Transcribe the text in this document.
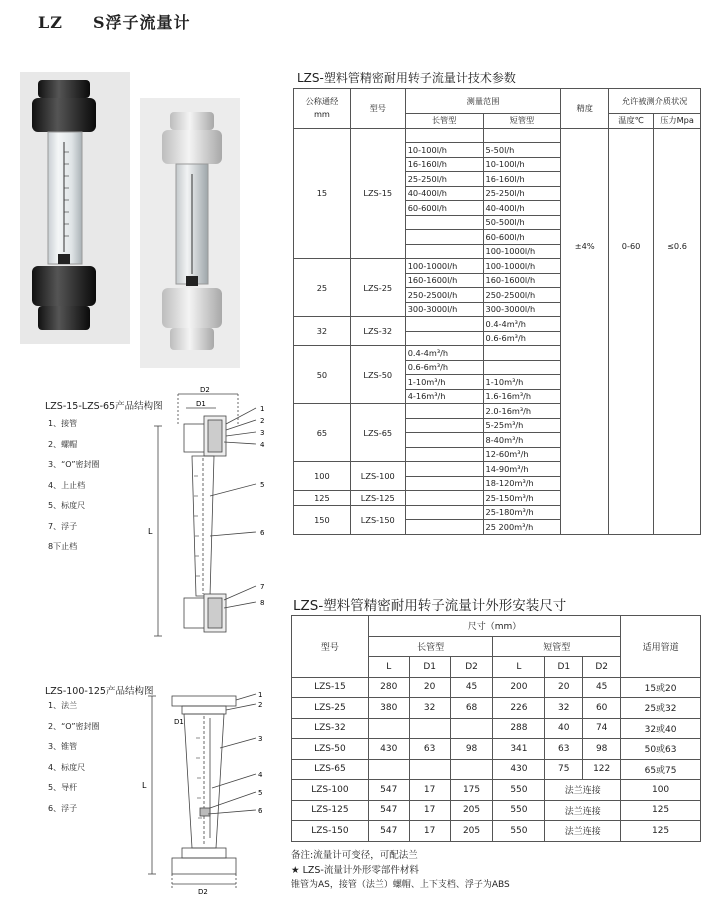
LZ S浮子流量计
LZS-15-LZS-65产品结构图
1、接管
2、螺帽
3、“O”密封圈
4、上止档
5、标度尺
7、浮子
8下止档
D2
D1
L
1
2
3
4
5
6
7
8
LZS-100-125产品结构图
1、法兰
2、“O”密封圈
3、锥管
4、标度尺
5、导杆
6、浮子
D1
D2
L
1
2
3
4
5
6
LZS-塑料管精密耐用转子流量计技术参数
公称通经
mm	型号	测量范围		精度	允许被测介质状况	
		长管型	短管型		温度℃	压力Mpa
15	LZS-15			±4%	0-60	≤0.6
		10-100l/h	5-50l/h			
		16-160l/h	10-100l/h			
		25-250l/h	16-160l/h			
		40-400l/h	25-250l/h			
		60-600l/h	40-400l/h			
			50-500l/h			
			60-600l/h			
			100-1000l/h			
25	LZS-25	100-1000l/h	100-1000l/h			
		160-1600l/h	160-1600l/h			
		250-2500l/h	250-2500l/h			
		300-3000l/h	300-3000l/h			
32	LZS-32		0.4-4m³/h			
			0.6-6m³/h			
50	LZS-50	0.4-4m³/h				
		0.6-6m³/h				
		1-10m³/h	1-10m³/h			
		4-16m³/h	1.6-16m³/h			
65	LZS-65		2.0-16m³/h			
			5-25m³/h			
			8-40m³/h			
			12-60m³/h			
100	LZS-100		14-90m³/h			
			18-120m³/h			
125	LZS-125		25-150m³/h			
150	LZS-150		25-180m³/h			
			25 200m³/h			
LZS-塑料管精密耐用转子流量计外形安装尺寸
型号	尺寸（mm）						适用管道
	长管型			短管型			
	L	D1	D2	L	D1	D2	
LZS-15	280	20	45	200	20	45	15或20
LZS-25	380	32	68	226	32	60	25或32
LZS-32				288	40	74	32或40
LZS-50	430	63	98	341	63	98	50或63
LZS-65				430	75	122	65或75
LZS-100	547	17	175	550	法兰连接		100
LZS-125	547	17	205	550	法兰连接		125
LZS-150	547	17	205	550	法兰连接		125
备注:流量计可变径，可配法兰
★ LZS-流量计外形零部件材料
锥管为AS，接管（法兰）螺帽、上下支档、浮子为ABS
